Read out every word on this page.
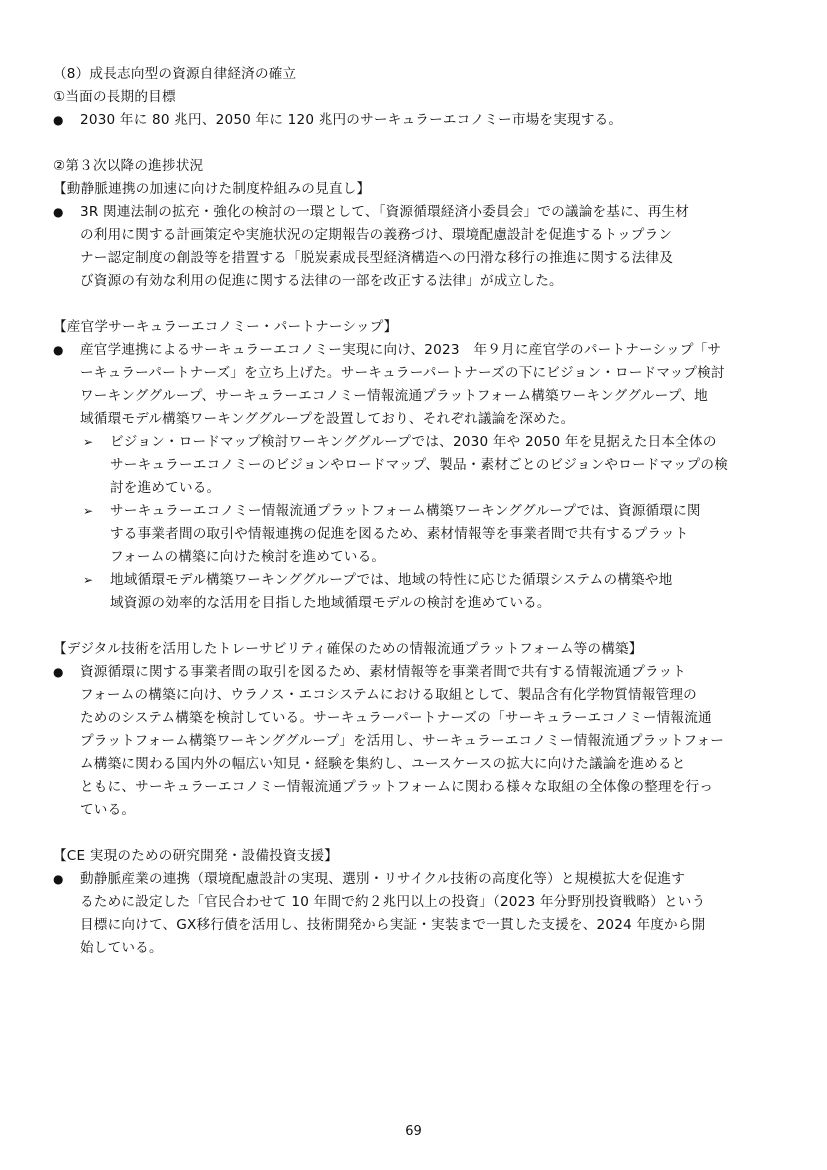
（8）成長志向型の資源自律経済の確立
①当面の長期的目標
● 2030 年に 80 兆円、2050 年に 120 兆円のサーキュラーエコノミー市場を実現する。
②第３次以降の進捗状況
【動静脈連携の加速に向けた制度枠組みの見直し】
● 3R 関連法制の拡充・強化の検討の一環として、「資源循環経済小委員会」での議論を基に、再生材
の利用に関する計画策定や実施状況の定期報告の義務づけ、環境配慮設計を促進するトップラン
ナー認定制度の創設等を措置する「脱炭素成長型経済構造への円滑な移行の推進に関する法律及
び資源の有効な利用の促進に関する法律の一部を改正する法律」が成立した。
【産官学サーキュラーエコノミー・パートナーシップ】
● 産官学連携によるサーキュラーエコノミー実現に向け、2023　年９月に産官学のパートナーシップ「サ
ーキュラーパートナーズ」を立ち上げた。サーキュラーパートナーズの下にビジョン・ロードマップ検討
ワーキンググループ、サーキュラーエコノミー情報流通プラットフォーム構築ワーキンググループ、地
域循環モデル構築ワーキンググループを設置しており、それぞれ議論を深めた。
➢ ビジョン・ロードマップ検討ワーキンググループでは、2030 年や 2050 年を見据えた日本全体の
サーキュラーエコノミーのビジョンやロードマップ、製品・素材ごとのビジョンやロードマップの検
討を進めている。
➢ サーキュラーエコノミー情報流通プラットフォーム構築ワーキンググループでは、資源循環に関
する事業者間の取引や情報連携の促進を図るため、素材情報等を事業者間で共有するプラット
フォームの構築に向けた検討を進めている。
➢ 地域循環モデル構築ワーキンググループでは、地域の特性に応じた循環システムの構築や地
域資源の効率的な活用を目指した地域循環モデルの検討を進めている。
【デジタル技術を活用したトレーサビリティ確保のための情報流通プラットフォーム等の構築】
● 資源循環に関する事業者間の取引を図るため、素材情報等を事業者間で共有する情報流通プラット
フォームの構築に向け、ウラノス・エコシステムにおける取組として、製品含有化学物質情報管理の
ためのシステム構築を検討している。サーキュラーパートナーズの「サーキュラーエコノミー情報流通
プラットフォーム構築ワーキンググループ」を活用し、サーキュラーエコノミー情報流通プラットフォー
ム構築に関わる国内外の幅広い知見・経験を集約し、ユースケースの拡大に向けた議論を進めると
ともに、サーキュラーエコノミー情報流通プラットフォームに関わる様々な取組の全体像の整理を行っ
ている。
【CE 実現のための研究開発・設備投資支援】
● 動静脈産業の連携（環境配慮設計の実現、選別・リサイクル技術の高度化等）と規模拡大を促進す
るために設定した「官民合わせて 10 年間で約２兆円以上の投資」（2023 年分野別投資戦略）という
目標に向けて、GX移行債を活用し、技術開発から実証・実装まで一貫した支援を、2024 年度から開
始している。
69
